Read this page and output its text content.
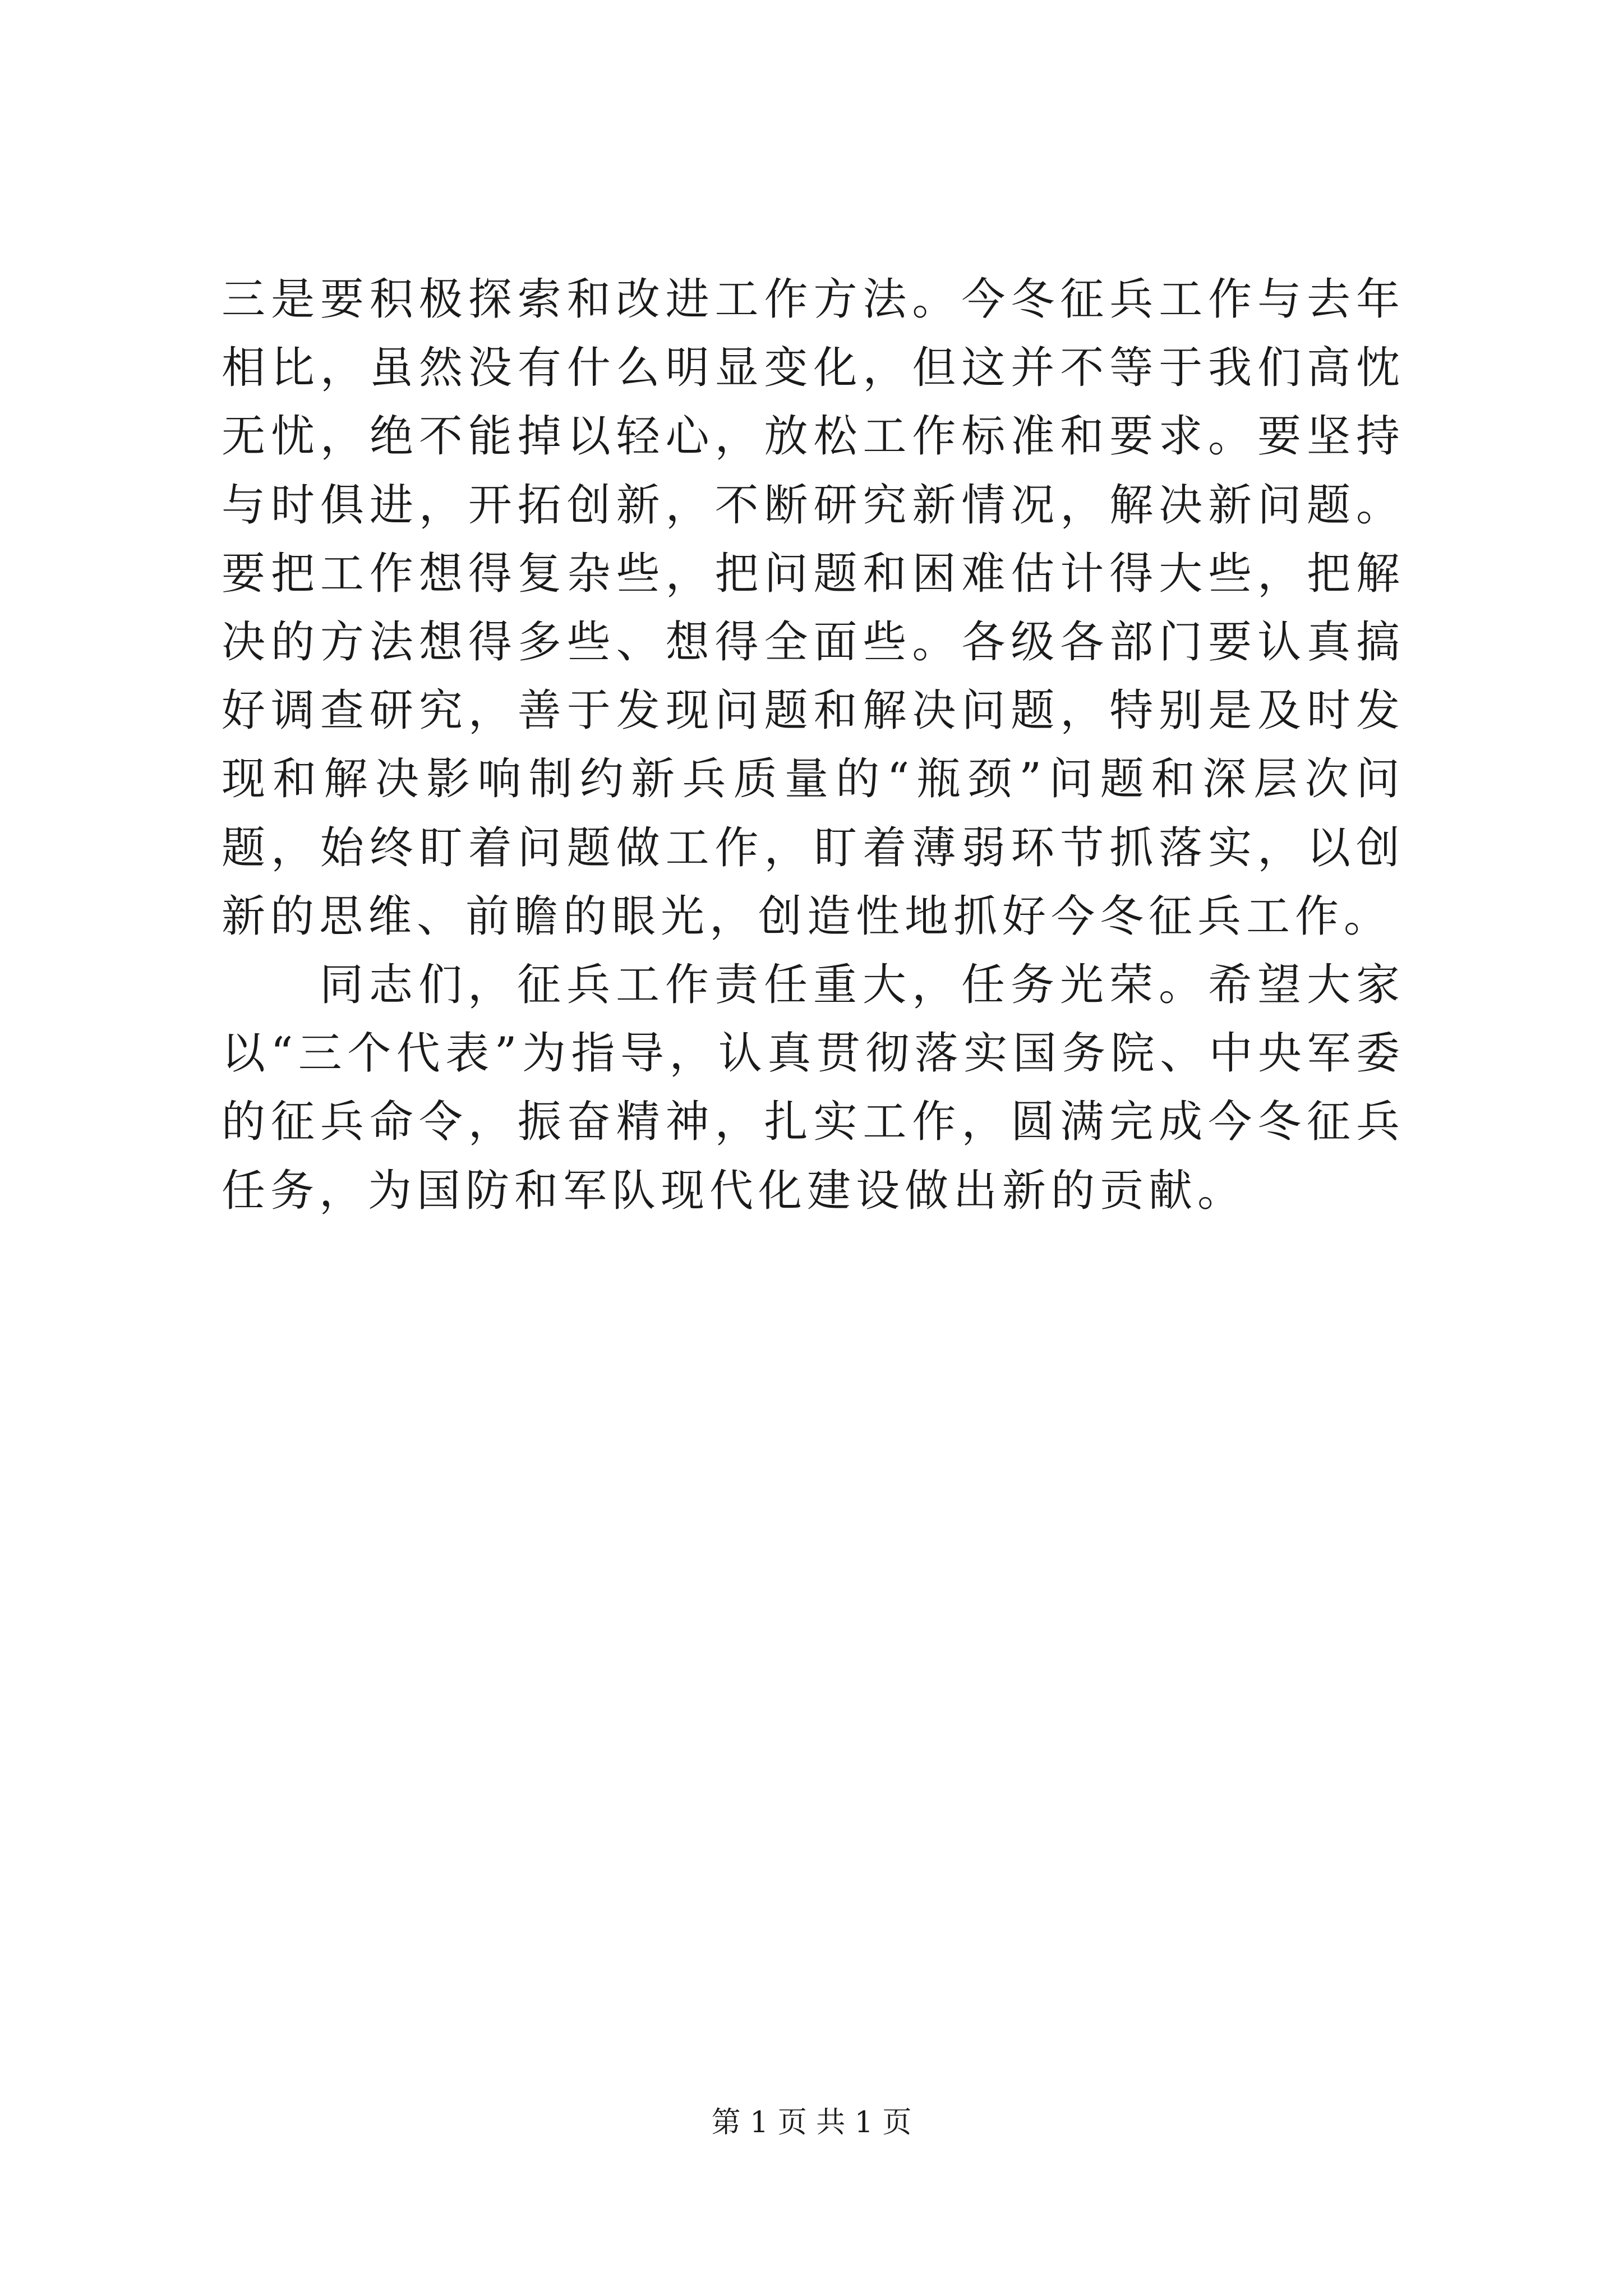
三是要积极探索和改进工作方法。今冬征兵工作与去年相比，虽然没有什么明显变化，但这并不等于我们高忱无忧，绝不能掉以轻心，放松工作标准和要求。要坚持与时俱进，开拓创新，不断研究新情况，解决新问题。要把工作想得复杂些，把问题和困难估计得大些，把解决的方法想得多些、想得全面些。各级各部门要认真搞好调查研究，善于发现问题和解决问题，特别是及时发现和解决影响制约新兵质量的“瓶颈”问题和深层次问题，始终盯着问题做工作，盯着薄弱环节抓落实，以创新的思维、前瞻的眼光，创造性地抓好今冬征兵工作。

同志们，征兵工作责任重大，任务光荣。希望大家以“三个代表”为指导，认真贯彻落实国务院、中央军委的征兵命令，振奋精神，扎实工作，圆满完成今冬征兵任务，为国防和军队现代化建设做出新的贡献。

第 1 页 共 1 页
